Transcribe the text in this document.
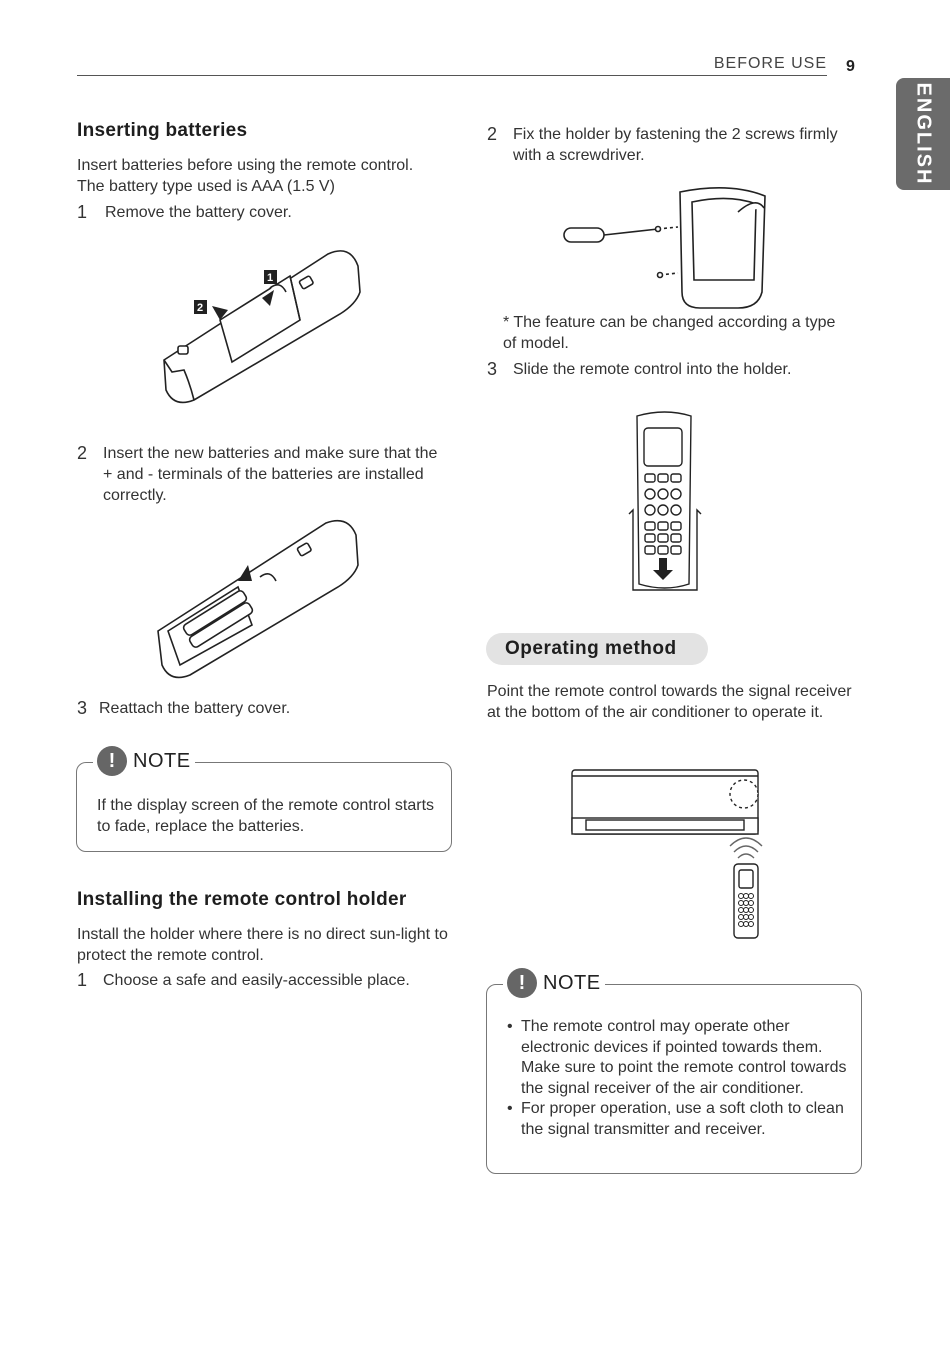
BEFORE USE 9
ENGLISH
Inserting batteries

Insert batteries before using the remote control. The battery type used is AAA (1.5 V)

1 Remove the battery cover.
1
2
2 Insert the new batteries and make sure that the + and - terminals of the batteries are installed correctly.
3 Reattach the battery cover.
! NOTE

If the display screen of the remote control starts to fade, replace the batteries.

Installing the remote control holder

Install the holder where there is no direct sun-light to protect the remote control.

1 Choose a safe and easily-accessible place.
2 Fix the holder by fastening the 2 screws firmly with a screwdriver.

* The feature can be changed according a type of model.

3 Slide the remote control into the holder.
Operating method

Point the remote control towards the signal receiver at the bottom of the air conditioner to operate it.

! NOTE
• The remote control may operate other electronic devices if pointed towards them. Make sure to point the remote control towards the signal receiver of the air conditioner.
• For proper operation, use a soft cloth to clean the signal transmitter and receiver.
